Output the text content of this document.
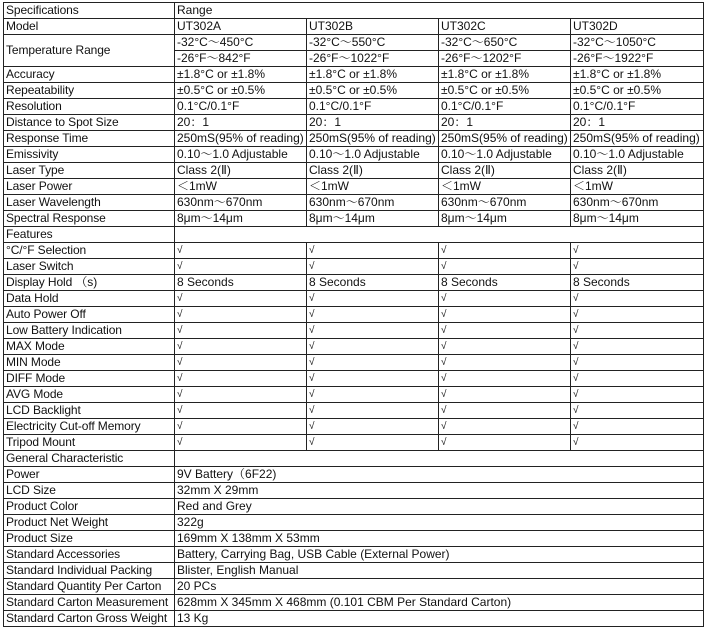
Specifications	Range			
Model	UT302A	UT302B	UT302C	UT302D
Temperature Range	-32°C～450°C	-32°C～550°C	-32°C～650°C	-32°C～1050°C
	-26°F～842°F	-26°F～1022°F	-26°F～1202°F	-26°F～1922°F
Accuracy	±1.8°C or ±1.8%	±1.8°C or ±1.8%	±1.8°C or ±1.8%	±1.8°C or ±1.8%
Repeatability	±0.5°C or ±0.5%	±0.5°C or ±0.5%	±0.5°C or ±0.5%	±0.5°C or ±0.5%
Resolution	0.1°C/0.1°F	0.1°C/0.1°F	0.1°C/0.1°F	0.1°C/0.1°F
Distance to Spot Size	20：1	20：1	20：1	20：1
Response Time	250mS(95% of reading)	250mS(95% of reading)	250mS(95% of reading)	250mS(95% of reading)
Emissivity	0.10～1.0 Adjustable	0.10～1.0 Adjustable	0.10～1.0 Adjustable	0.10～1.0 Adjustable
Laser Type	Class 2(Ⅱ)	Class 2(Ⅱ)	Class 2(Ⅱ)	Class 2(Ⅱ)
Laser Power	＜1mW	＜1mW	＜1mW	＜1mW
Laser Wavelength	630nm～670nm	630nm～670nm	630nm～670nm	630nm～670nm
Spectral Response	8μm～14μm	8μm～14μm	8μm～14μm	8μm～14μm
Features				
°C/°F Selection	√	√	√	√
Laser Switch	√	√	√	√
Display Hold （s)	8 Seconds	8 Seconds	8 Seconds	8 Seconds
Data Hold	√	√	√	√
Auto Power Off	√	√	√	√
Low Battery Indication	√	√	√	√
MAX Mode	√	√	√	√
MIN Mode	√	√	√	√
DIFF Mode	√	√	√	√
AVG Mode	√	√	√	√
LCD Backlight	√	√	√	√
Electricity Cut-off Memory	√	√	√	√
Tripod Mount	√	√	√	√
General Characteristic				
Power	9V Battery（6F22)			
LCD Size	32mm X 29mm			
Product Color	Red and Grey			
Product Net Weight	322g			
Product Size	169mm X 138mm X 53mm			
Standard Accessories	Battery, Carrying Bag, USB Cable (External Power)			
Standard Individual Packing	Blister, English Manual			
Standard Quantity Per Carton	20 PCs			
Standard Carton Measurement	628mm X 345mm X 468mm (0.101 CBM Per Standard Carton)			
Standard Carton Gross Weight	13 Kg			
